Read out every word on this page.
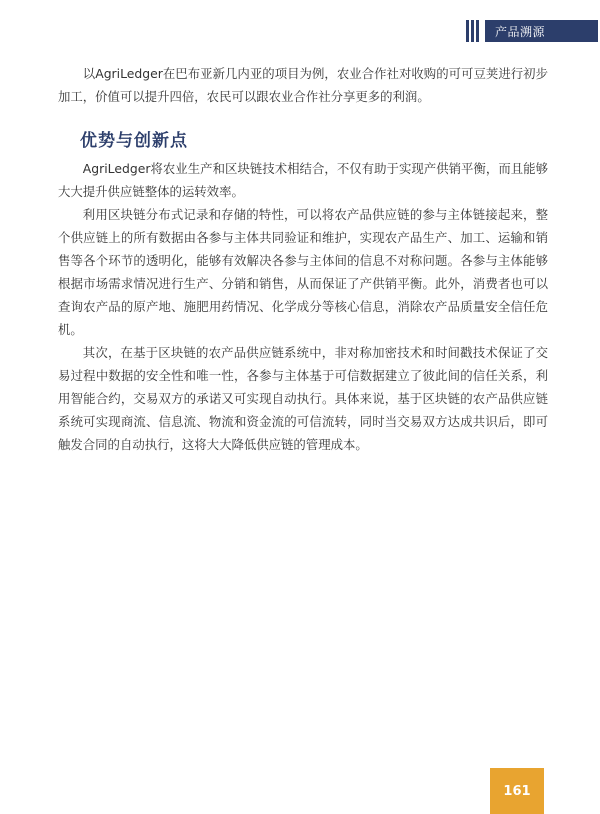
产品溯源

以AgriLedger在巴布亚新几内亚的项目为例，农业合作社对收购的可可豆荚进行初步加工，价值可以提升四倍，农民可以跟农业合作社分享更多的利润。

优势与创新点

AgriLedger将农业生产和区块链技术相结合，不仅有助于实现产供销平衡，而且能够大大提升供应链整体的运转效率。

利用区块链分布式记录和存储的特性，可以将农产品供应链的参与主体链接起来，整个供应链上的所有数据由各参与主体共同验证和维护，实现农产品生产、加工、运输和销售等各个环节的透明化，能够有效解决各参与主体间的信息不对称问题。各参与主体能够根据市场需求情况进行生产、分销和销售，从而保证了产供销平衡。此外，消费者也可以查询农产品的原产地、施肥用药情况、化学成分等核心信息，消除农产品质量安全信任危机。

其次，在基于区块链的农产品供应链系统中，非对称加密技术和时间戳技术保证了交易过程中数据的安全性和唯一性，各参与主体基于可信数据建立了彼此间的信任关系，利用智能合约，交易双方的承诺又可实现自动执行。具体来说，基于区块链的农产品供应链系统可实现商流、信息流、物流和资金流的可信流转，同时当交易双方达成共识后，即可触发合同的自动执行，这将大大降低供应链的管理成本。

161
